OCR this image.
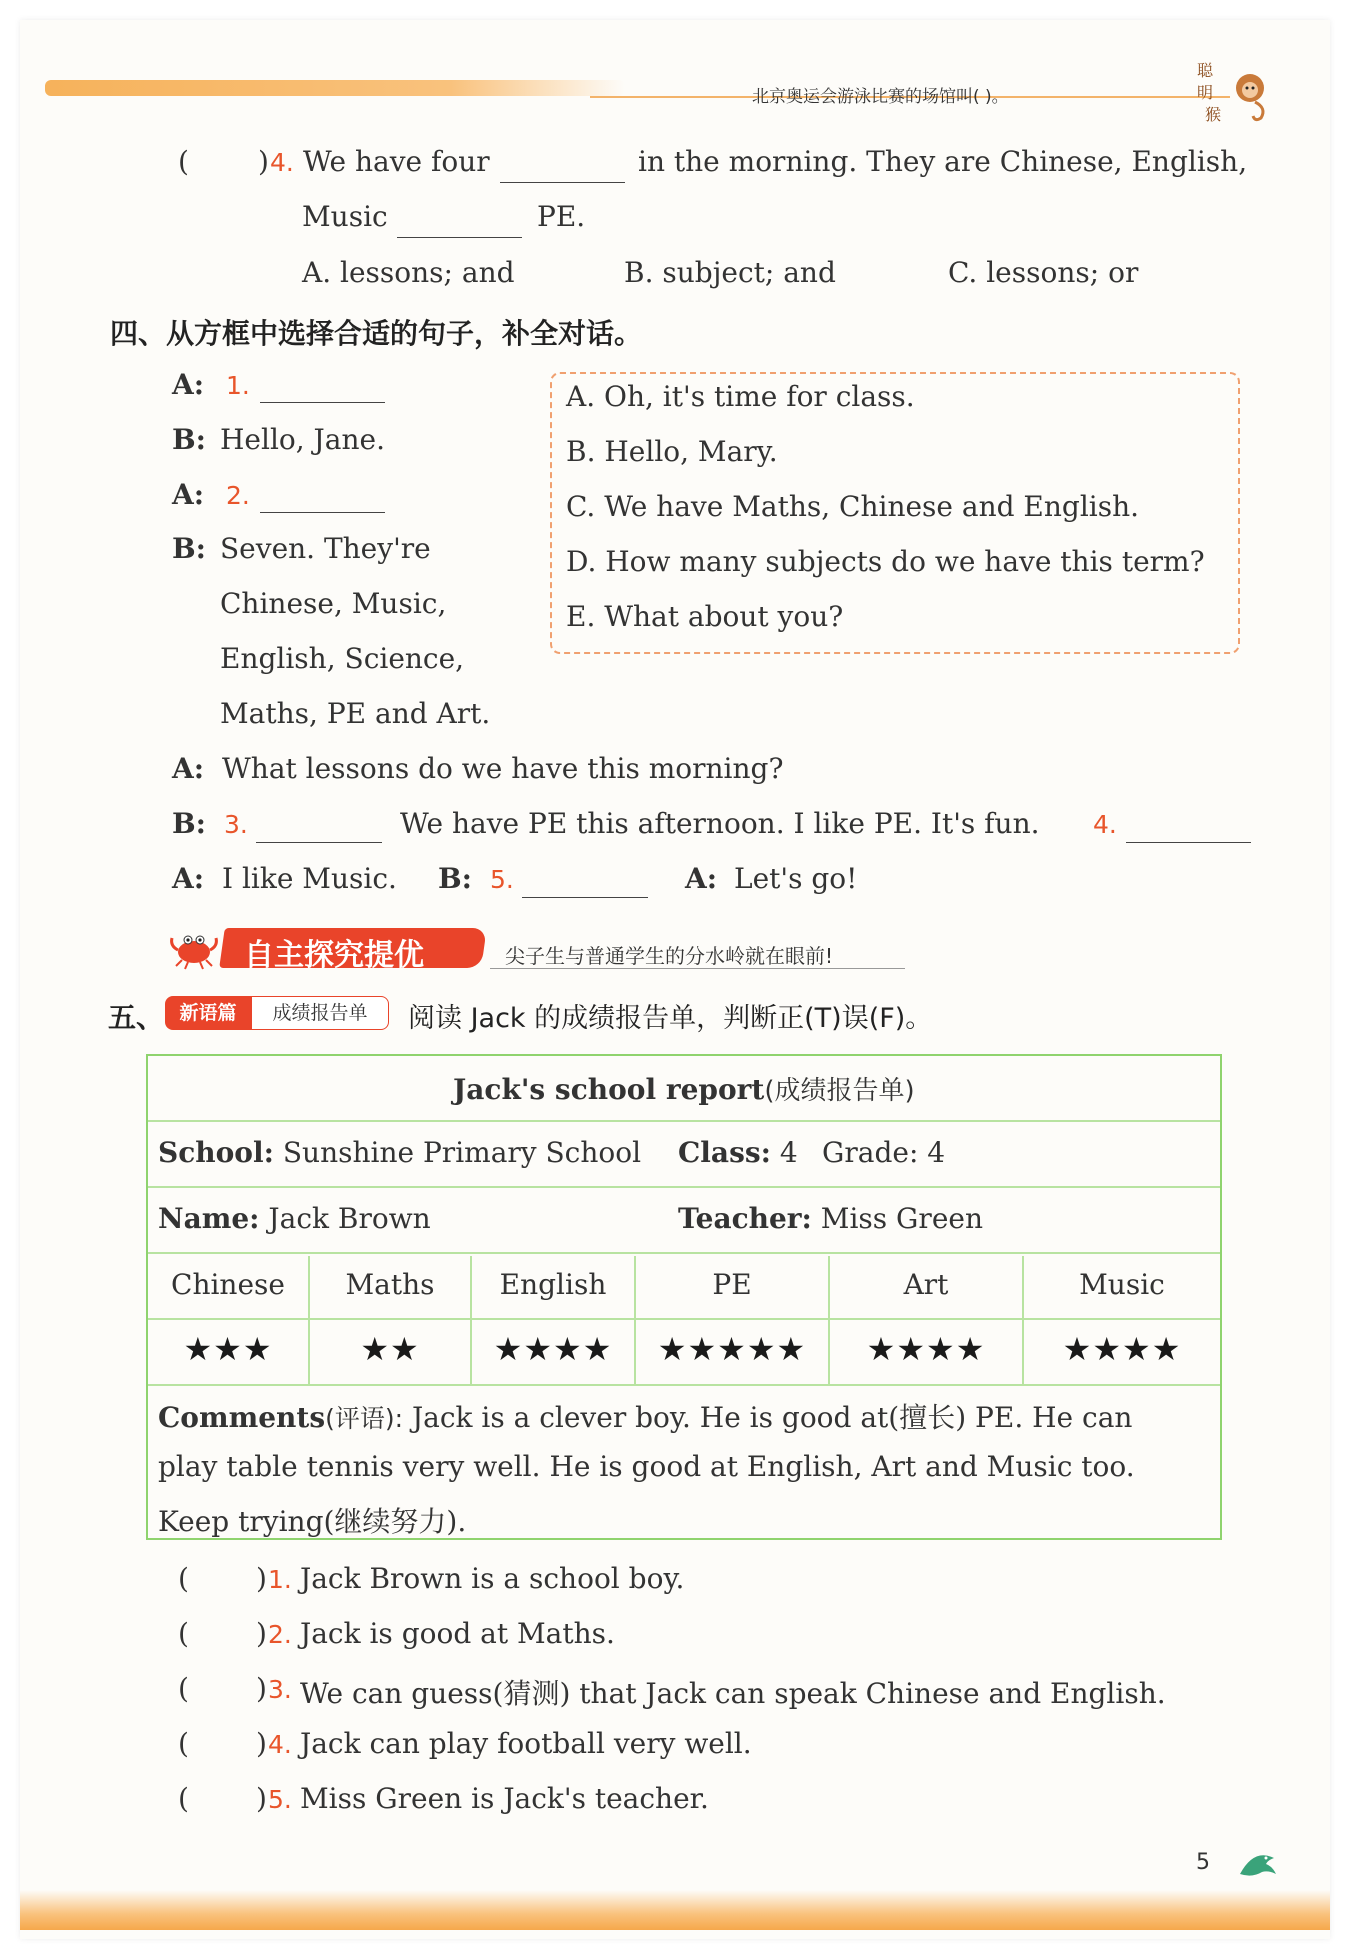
北京奥运会游泳比赛的场馆叫( )。
聪
明
猴
( ) 4. We have four	in the morning. They are Chinese, English,
Music	PE.
A. lessons; and	B. subject; and	C. lessons; or
四、从方框中选择合适的句子，补全对话。
A: 1.
B: Hello, Jane.
A: 2.
B: Seven. They're
Chinese, Music,
English, Science,
Maths, PE and Art.
A. Oh, it's time for class.
B. Hello, Mary.
C. We have Maths, Chinese and English.
D. How many subjects do we have this term?
E. What about you?
A: What lessons do we have this morning?
B: 3.	We have PE this afternoon. I like PE. It's fun. 4.
A: I like Music. B: 5.	A: Let's go!
自主探究提优	尖子生与普通学生的分水岭就在眼前!
五、 新语篇	成绩报告单	阅读 Jack 的成绩报告单，判断正(T)误(F)。
Jack's school report(成绩报告单)
School: Sunshine Primary School Class: 4 Grade: 4
Name: Jack Brown	Teacher: Miss Green
Chinese	Maths	English	PE	Art	Music
★★★	★★	★★★★	★★★★★	★★★★	★★★★
Comments(评语): Jack is a clever boy. He is good at(擅长) PE. He can
play table tennis very well. He is good at English, Art and Music too.
Keep trying(继续努力).
( ) 1. Jack Brown is a school boy.
( ) 2. Jack is good at Maths.
( ) 3. We can guess(猜测) that Jack can speak Chinese and English.
( ) 4. Jack can play football very well.
( ) 5. Miss Green is Jack's teacher.
5
